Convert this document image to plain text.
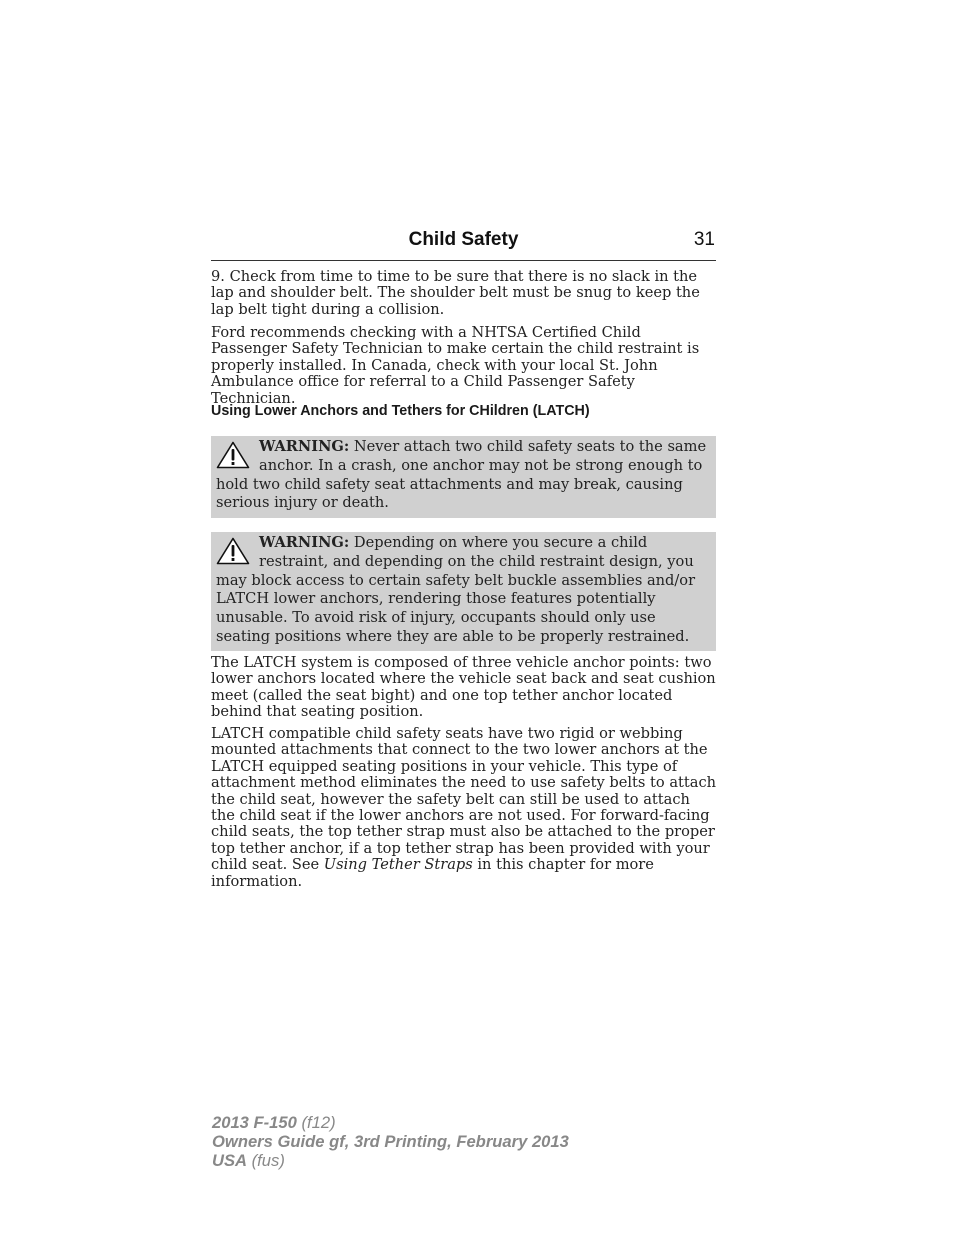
Child Safety	31

9. Check from time to time to be sure that there is no slack in the lap and shoulder belt. The shoulder belt must be snug to keep the lap belt tight during a collision.

Ford recommends checking with a NHTSA Certified Child Passenger Safety Technician to make certain the child restraint is properly installed. In Canada, check with your local St. John Ambulance office for referral to a Child Passenger Safety Technician.

Using Lower Anchors and Tethers for CHildren (LATCH)
WARNING: Never attach two child safety seats to the same anchor. In a crash, one anchor may not be strong enough to hold two child safety seat attachments and may break, causing serious injury or death.
WARNING: Depending on where you secure a child restraint, and depending on the child restraint design, you may block access to certain safety belt buckle assemblies and/or LATCH lower anchors, rendering those features potentially unusable. To avoid risk of injury, occupants should only use seating positions where they are able to be properly restrained.

The LATCH system is composed of three vehicle anchor points: two lower anchors located where the vehicle seat back and seat cushion meet (called the seat bight) and one top tether anchor located behind that seating position.

LATCH compatible child safety seats have two rigid or webbing mounted attachments that connect to the two lower anchors at the LATCH equipped seating positions in your vehicle. This type of attachment method eliminates the need to use safety belts to attach the child seat, however the safety belt can still be used to attach the child seat if the lower anchors are not used. For forward-facing child seats, the top tether strap must also be attached to the proper top tether anchor, if a top tether strap has been provided with your child seat. See Using Tether Straps in this chapter for more information.

2013 F-150 (f12)
Owners Guide gf, 3rd Printing, February 2013
USA (fus)
